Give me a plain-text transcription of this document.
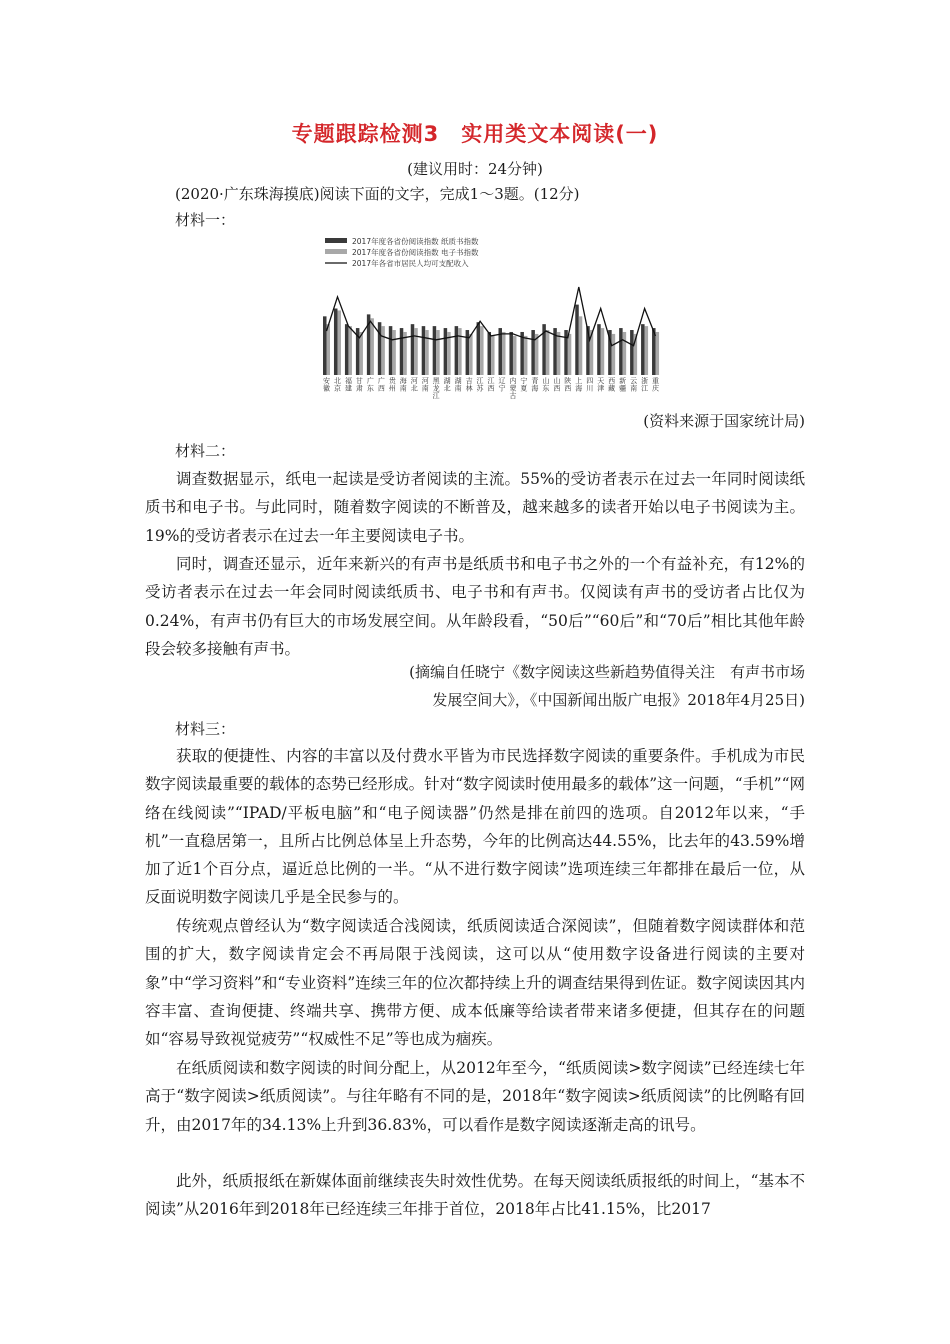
专题跟踪检测3　实用类文本阅读(一)
(建议用时：24分钟)
(2020·广东珠海摸底)阅读下面的文字，完成1～3题。(12分)
材料一：
2017年度各省份阅读指数 纸质书指数
2017年度各省份阅读指数 电子书指数
2017年各省市居民人均可支配收入
安徽
北京
福建
甘肃
广东
广西
贵州
海南
河北
河南
黑龙江
湖北
湖南
吉林
江苏
江西
辽宁
内蒙古
宁夏
青海
山东
山西
陕西
上海
四川
天津
西藏
新疆
云南
浙江
重庆
(资料来源于国家统计局)
材料二：

调查数据显示，纸电一起读是受访者阅读的主流。55%的受访者表示在过去一年同时阅读纸质书和电子书。与此同时，随着数字阅读的不断普及，越来越多的读者开始以电子书阅读为主。19%的受访者表示在过去一年主要阅读电子书。

同时，调查还显示，近年来新兴的有声书是纸质书和电子书之外的一个有益补充，有12%的受访者表示在过去一年会同时阅读纸质书、电子书和有声书。仅阅读有声书的受访者占比仅为0.24%，有声书仍有巨大的市场发展空间。从年龄段看，“50后”“60后”和“70后”相比其他年龄段会较多接触有声书。

(摘编自任晓宁《数字阅读这些新趋势值得关注　有声书市场
发展空间大》，《中国新闻出版广电报》2018年4月25日)
材料三：

获取的便捷性、内容的丰富以及付费水平皆为市民选择数字阅读的重要条件。手机成为市民数字阅读最重要的载体的态势已经形成。针对“数字阅读时使用最多的载体”这一问题，“手机”“网络在线阅读”“IPAD/平板电脑”和“电子阅读器”仍然是排在前四的选项。自2012年以来，“手机”一直稳居第一，且所占比例总体呈上升态势，今年的比例高达44.55%，比去年的43.59%增加了近1个百分点，逼近总比例的一半。“从不进行数字阅读”选项连续三年都排在最后一位，从反面说明数字阅读几乎是全民参与的。

传统观点曾经认为“数字阅读适合浅阅读，纸质阅读适合深阅读”，但随着数字阅读群体和范围的扩大，数字阅读肯定会不再局限于浅阅读，这可以从“使用数字设备进行阅读的主要对象”中“学习资料”和“专业资料”连续三年的位次都持续上升的调查结果得到佐证。数字阅读因其内容丰富、查询便捷、终端共享、携带方便、成本低廉等给读者带来诸多便捷，但其存在的问题如“容易导致视觉疲劳”“权威性不足”等也成为痼疾。

在纸质阅读和数字阅读的时间分配上，从2012年至今，“纸质阅读>数字阅读”已经连续七年高于“数字阅读>纸质阅读”。与往年略有不同的是，2018年“数字阅读>纸质阅读”的比例略有回升，由2017年的34.13%上升到36.83%，可以看作是数字阅读逐渐走高的讯号。

此外，纸质报纸在新媒体面前继续丧失时效性优势。在每天阅读纸质报纸的时间上，“基本不阅读”从2016年到2018年已经连续三年排于首位，2018年占比41.15%，比2017
